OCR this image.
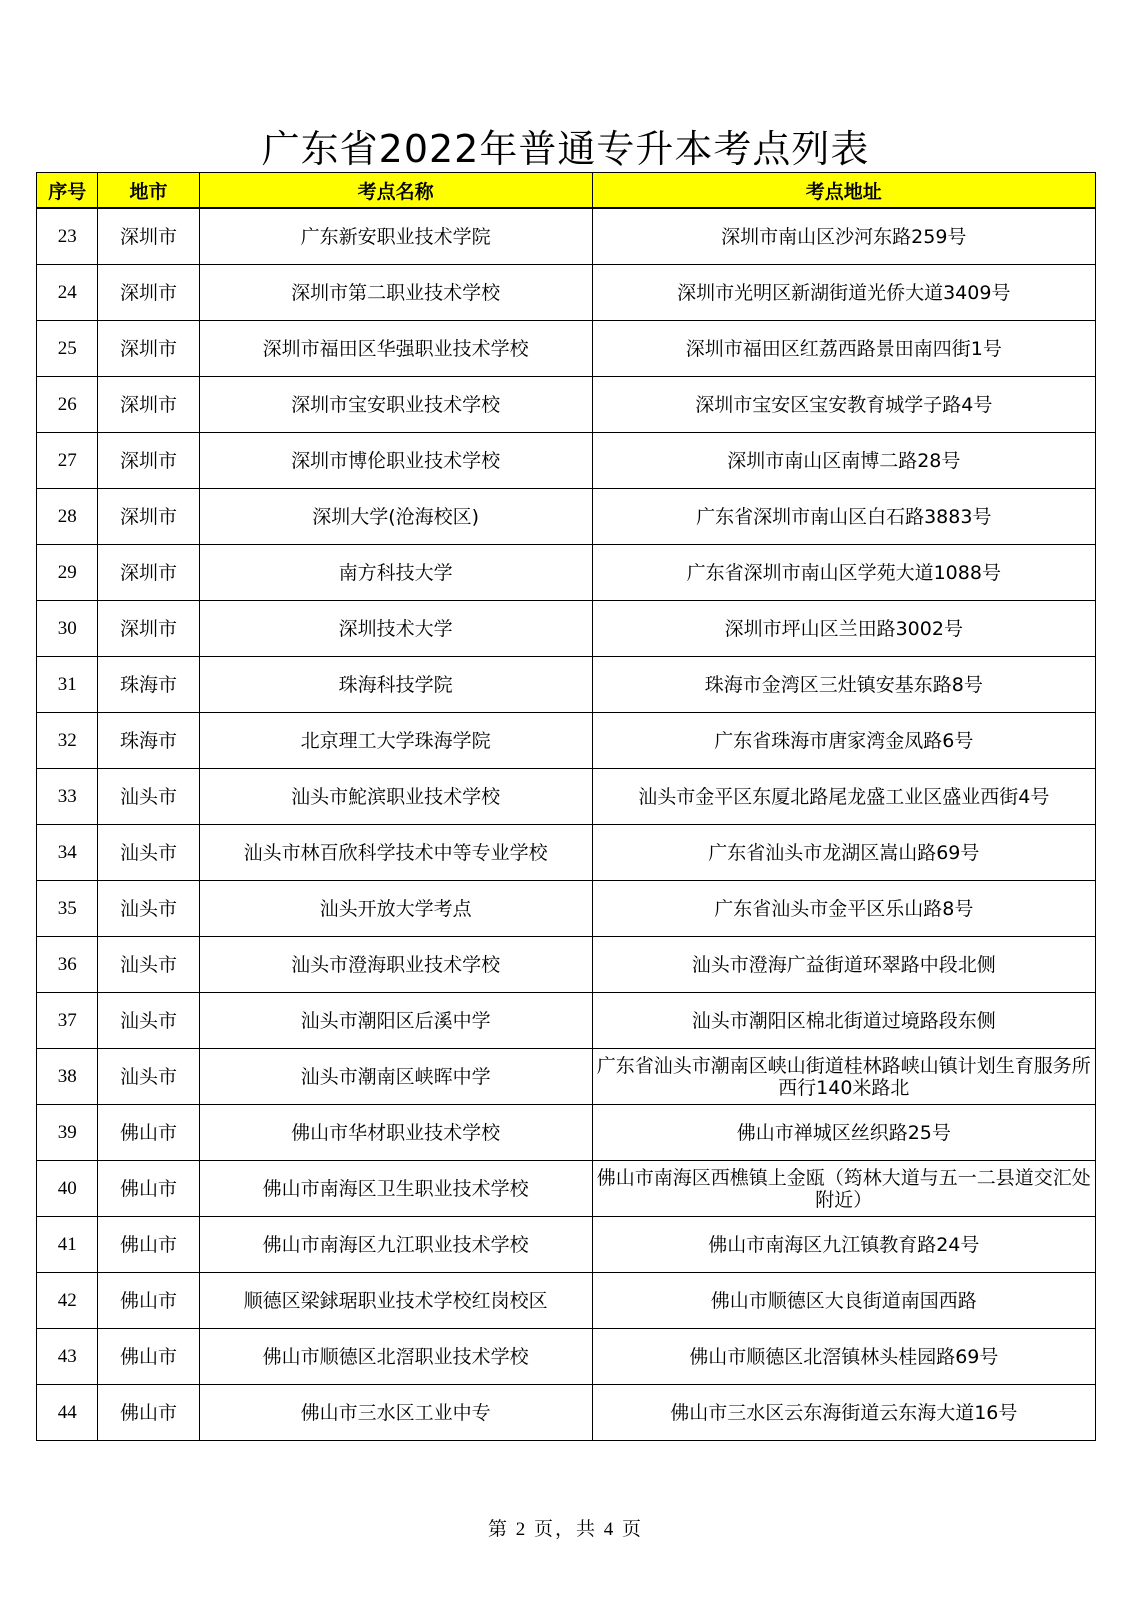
广东省2022年普通专升本考点列表
序号	地市	考点名称	考点地址
23	深圳市	广东新安职业技术学院	深圳市南山区沙河东路259号
24	深圳市	深圳市第二职业技术学校	深圳市光明区新湖街道光侨大道3409号
25	深圳市	深圳市福田区华强职业技术学校	深圳市福田区红荔西路景田南四街1号
26	深圳市	深圳市宝安职业技术学校	深圳市宝安区宝安教育城学子路4号
27	深圳市	深圳市博伦职业技术学校	深圳市南山区南博二路28号
28	深圳市	深圳大学(沧海校区)	广东省深圳市南山区白石路3883号
29	深圳市	南方科技大学	广东省深圳市南山区学苑大道1088号
30	深圳市	深圳技术大学	深圳市坪山区兰田路3002号
31	珠海市	珠海科技学院	珠海市金湾区三灶镇安基东路8号
32	珠海市	北京理工大学珠海学院	广东省珠海市唐家湾金凤路6号
33	汕头市	汕头市鮀滨职业技术学校	汕头市金平区东厦北路尾龙盛工业区盛业西街4号
34	汕头市	汕头市林百欣科学技术中等专业学校	广东省汕头市龙湖区嵩山路69号
35	汕头市	汕头开放大学考点	广东省汕头市金平区乐山路8号
36	汕头市	汕头市澄海职业技术学校	汕头市澄海广益街道环翠路中段北侧
37	汕头市	汕头市潮阳区后溪中学	汕头市潮阳区棉北街道过境路段东侧
38	汕头市	汕头市潮南区峡晖中学	广东省汕头市潮南区峡山街道桂林路峡山镇计划生育服务所西行140米路北
39	佛山市	佛山市华材职业技术学校	佛山市禅城区丝织路25号
40	佛山市	佛山市南海区卫生职业技术学校	佛山市南海区西樵镇上金瓯（筠林大道与五一二县道交汇处附近）
41	佛山市	佛山市南海区九江职业技术学校	佛山市南海区九江镇教育路24号
42	佛山市	顺德区梁銶琚职业技术学校红岗校区	佛山市顺德区大良街道南国西路
43	佛山市	佛山市顺德区北滘职业技术学校	佛山市顺德区北滘镇林头桂园路69号
44	佛山市	佛山市三水区工业中专	佛山市三水区云东海街道云东海大道16号
第 2 页，共 4 页
